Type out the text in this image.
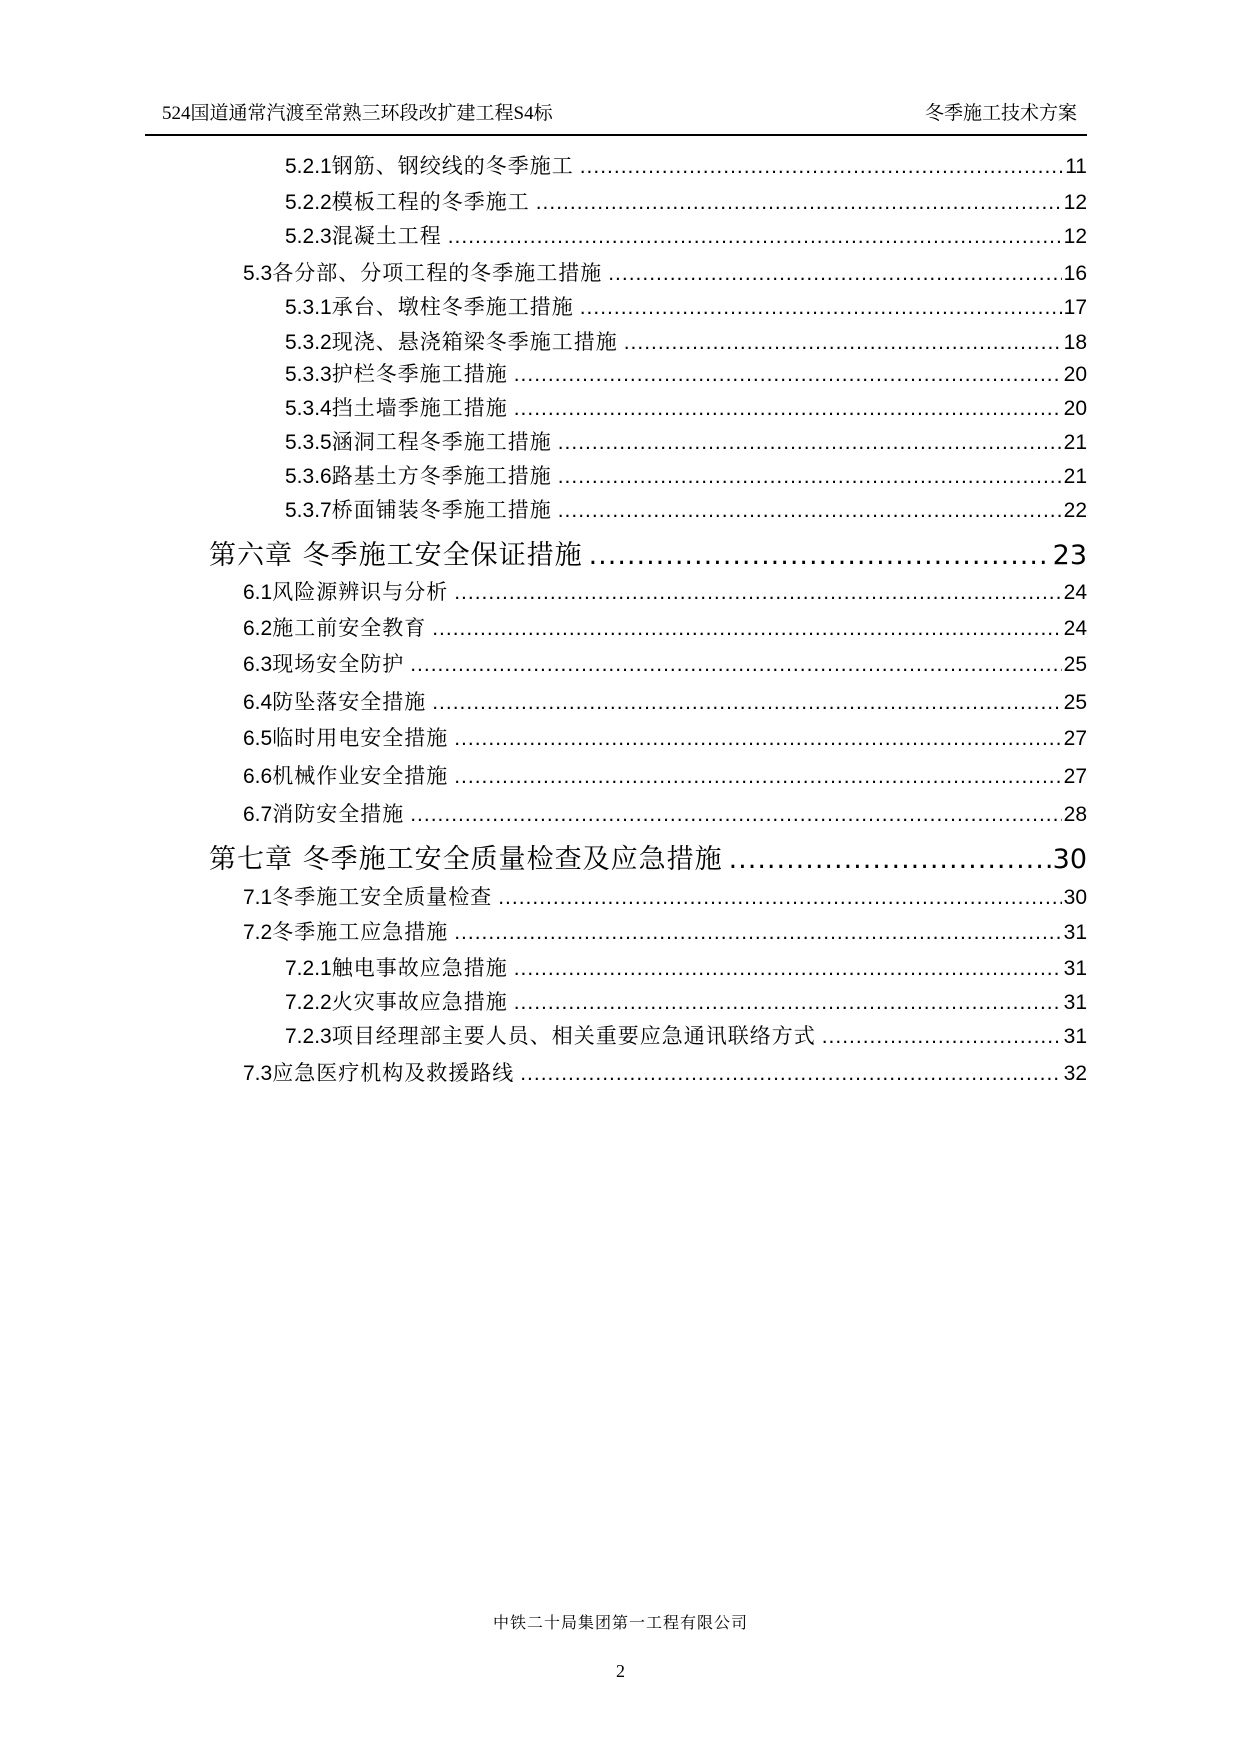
524国道通常汽渡至常熟三环段改扩建工程S4标	冬季施工技术方案
5.2.1 钢筋、钢绞线的冬季施工 .....	11
5.2.2 模板工程的冬季施工 .....	12
5.2.3 混凝土工程 .....	12
5.3 各分部、分项工程的冬季施工措施 .....	16
5.3.1 承台、墩柱冬季施工措施 .....	17
5.3.2 现浇、悬浇箱梁冬季施工措施 .....	18
5.3.3 护栏冬季施工措施 .....	20
5.3.4 挡土墙季施工措施 .....	20
5.3.5 涵洞工程冬季施工措施 .....	21
5.3.6 路基土方冬季施工措施 .....	21
5.3.7 桥面铺装冬季施工措施 .....	22
第六章 冬季施工安全保证措施 .....	23
6.1 风险源辨识与分析 .....	24
6.2 施工前安全教育 .....	24
6.3 现场安全防护 .....	25
6.4 防坠落安全措施 .....	25
6.5 临时用电安全措施 .....	27
6.6 机械作业安全措施 .....	27
6.7 消防安全措施 .....	28
第七章 冬季施工安全质量检查及应急措施 .....	30
7.1 冬季施工安全质量检查 .....	30
7.2 冬季施工应急措施 .....	31
7.2.1 触电事故应急措施 .....	31
7.2.2 火灾事故应急措施 .....	31
7.2.3 项目经理部主要人员、相关重要应急通讯联络方式 .....	31
7.3 应急医疗机构及救援路线 .....	32
中铁二十局集团第一工程有限公司
2
